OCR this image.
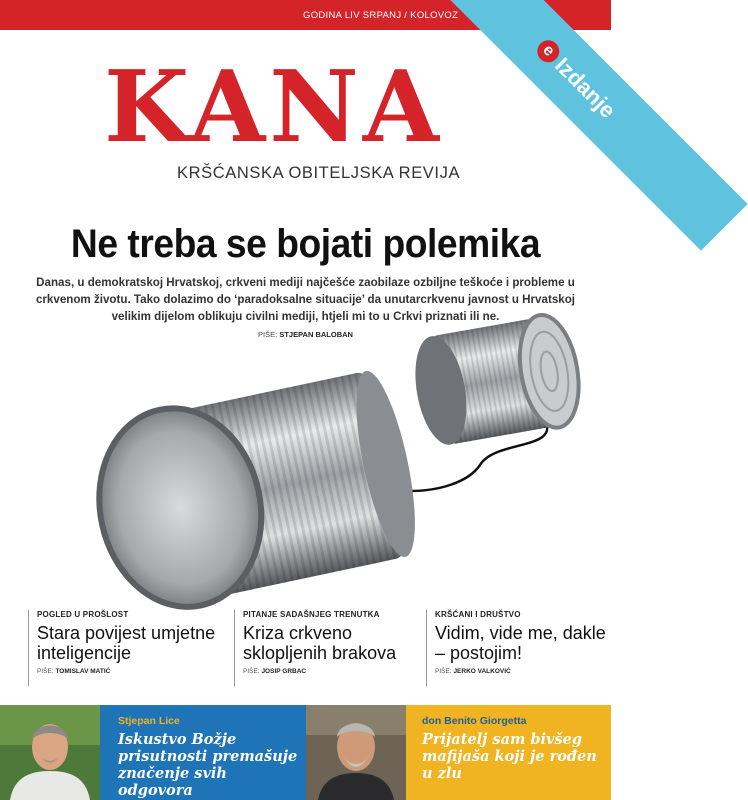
GODINA LIV SRPANJ / KOLOVOZ
KANA
KRŠĆANSKA OBITELJSKA REVIJA
e
Izdanje
Ne treba se bojati polemika
Danas, u demokratskoj Hrvatskoj, crkveni mediji najčešće zaobilaze ozbiljne teškoće i probleme u crkvenom životu. Tako dolazimo do ‘paradoksalne situacije’ da unutarcrkvenu javnost u Hrvatskoj velikim dijelom oblikuju civilni mediji, htjeli mi to u Crkvi priznati ili ne.
PIŠE: STJEPAN BALOBAN
POGLED U PROŠLOST
Stara povijest umjetne inteligencije
PIŠE: TOMISLAV MATIĆ
PITANJE SADAŠNJEG TRENUTKA
Kriza crkveno sklopljenih brakova
PIŠE: JOSIP GRBAC
KRŠĆANI I DRUŠTVO
Vidim, vide me, dakle – postojim!
PIŠE: JERKO VALKOVIĆ
Stjepan Lice
Iskustvo Božje prisutnosti premašuje značenje svih odgovora
don Benito Giorgetta
Prijatelj sam bivšeg mafijaša koji je rođen u zlu
